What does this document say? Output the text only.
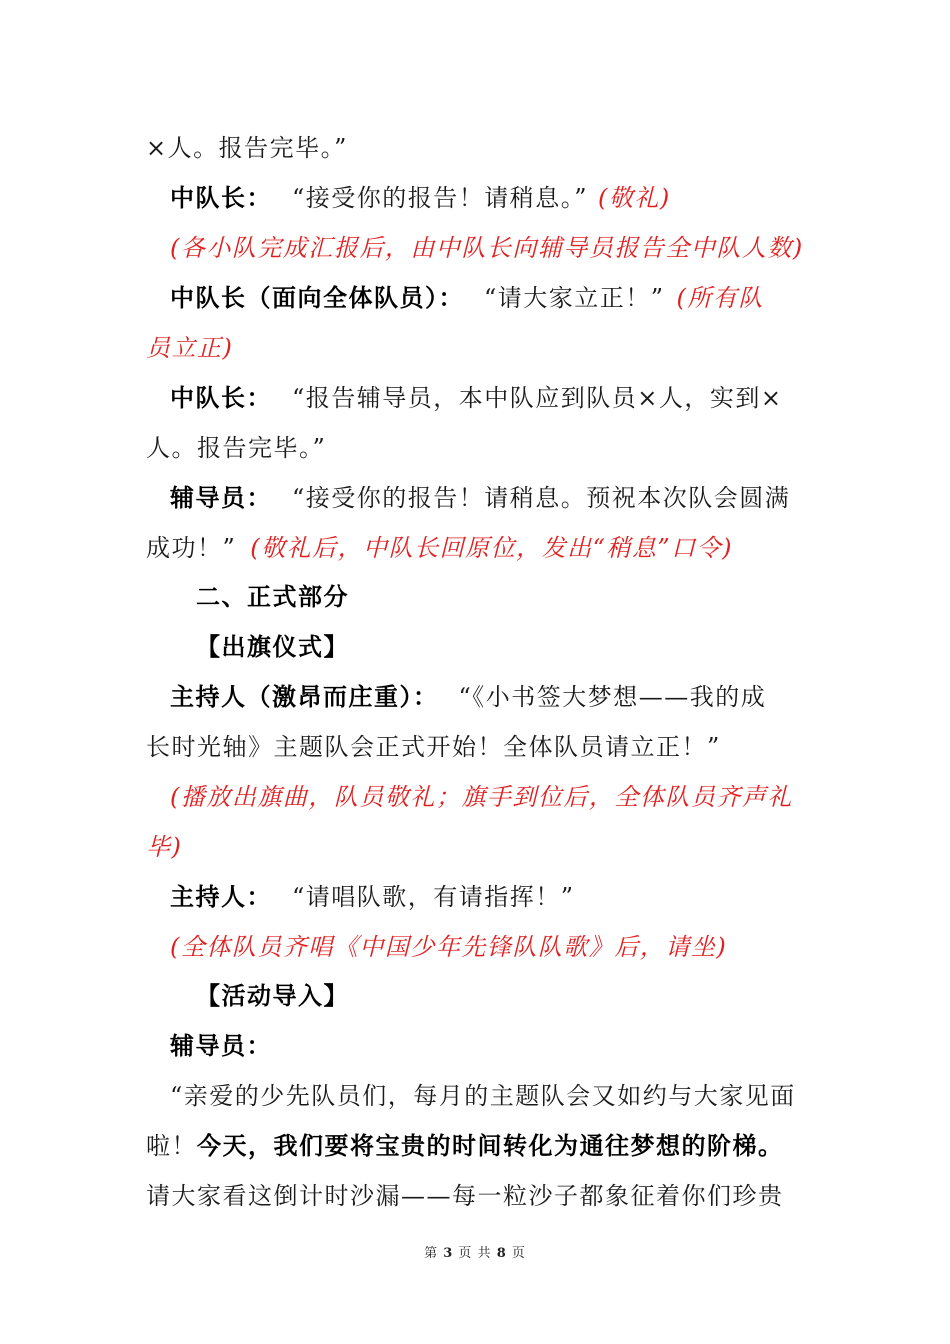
×人。报告完毕。”
中队长： “接受你的报告！请稍息。” (敬礼)
(各小队完成汇报后，由中队长向辅导员报告全中队人数)
中队长（面向全体队员）： “请大家立正！” (所有队
员立正)
中队长： “报告辅导员，本中队应到队员×人，实到×
人。报告完毕。”
辅导员： “接受你的报告！请稍息。预祝本次队会圆满
成功！” (敬礼后，中队长回原位，发出“稍息”口令)
二、正式部分
【出旗仪式】
主持人（激昂而庄重）： “《小书签大梦想——我的成
长时光轴》主题队会正式开始！全体队员请立正！”
(播放出旗曲，队员敬礼；旗手到位后，全体队员齐声礼
毕)
主持人： “请唱队歌，有请指挥！”
(全体队员齐唱《中国少年先锋队队歌》后，请坐)
【活动导入】
辅导员：
“亲爱的少先队员们，每月的主题队会又如约与大家见面
啦！今天，我们要将宝贵的时间转化为通往梦想的阶梯。
请大家看这倒计时沙漏——每一粒沙子都象征着你们珍贵
第 3 页 共 8 页
